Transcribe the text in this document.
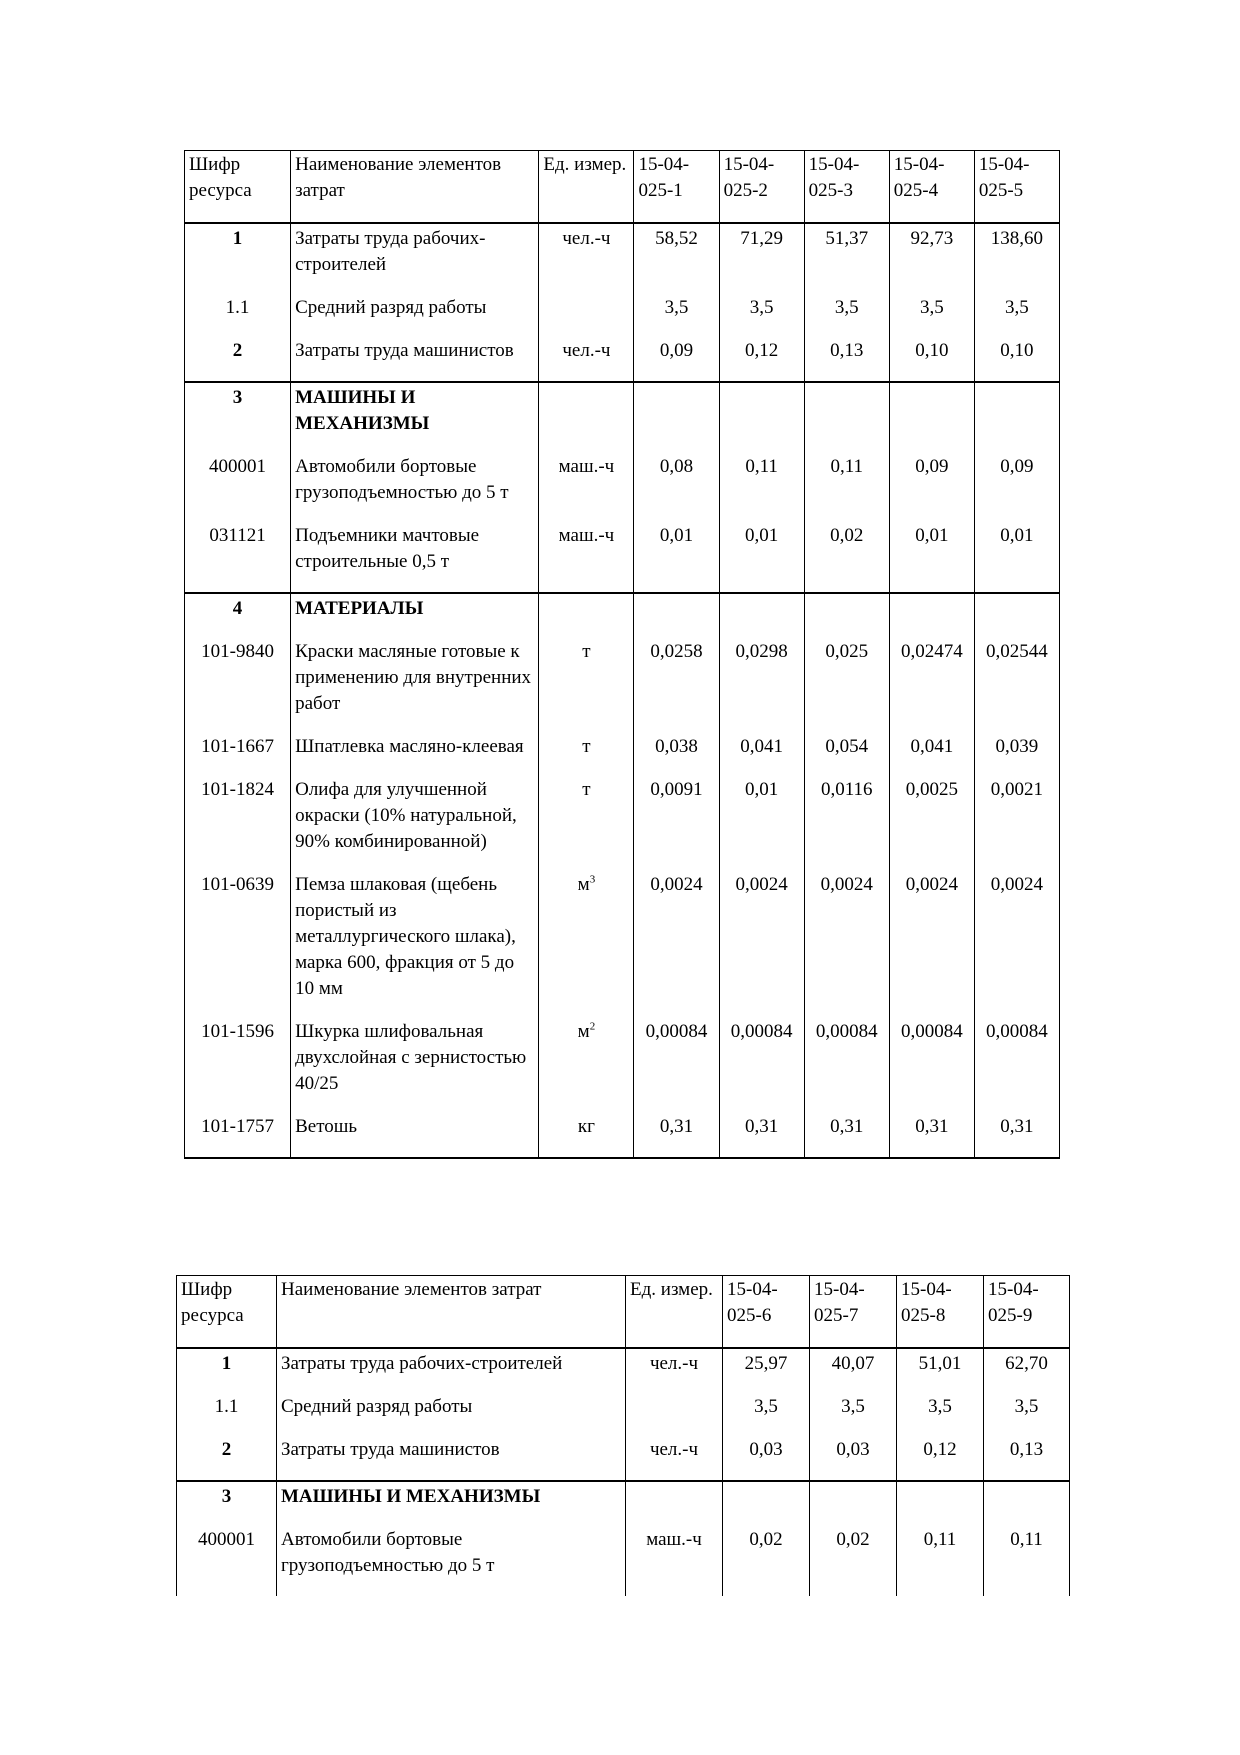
Шифр ресурса	Наименование элементов затрат	Ед. измер.	15-04-025-1	15-04-025-2	15-04-025-3	15-04-025-4	15-04-025-5
1	Затраты труда рабочих-строителей	чел.-ч	58,52	71,29	51,37	92,73	138,60
1.1	Средний разряд работы		3,5	3,5	3,5	3,5	3,5
2	Затраты труда машинистов	чел.-ч	0,09	0,12	0,13	0,10	0,10
3	МАШИНЫ И МЕХАНИЗМЫ						
400001	Автомобили бортовые грузоподъемностью до 5 т	маш.-ч	0,08	0,11	0,11	0,09	0,09
031121	Подъемники мачтовые строительные 0,5 т	маш.-ч	0,01	0,01	0,02	0,01	0,01
4	МАТЕРИАЛЫ						
101-9840	Краски масляные готовые к применению для внутренних работ	т	0,0258	0,0298	0,025	0,02474	0,02544
101-1667	Шпатлевка масляно-клеевая	т	0,038	0,041	0,054	0,041	0,039
101-1824	Олифа для улучшенной окраски (10% натуральной, 90% комбинированной)	т	0,0091	0,01	0,0116	0,0025	0,0021
101-0639	Пемза шлаковая (щебень пористый из металлургического шлака), марка 600, фракция от 5 до 10 мм	$м^3$	0,0024	0,0024	0,0024	0,0024	0,0024
101-1596	Шкурка шлифовальная двухслойная с зернистостью 40/25	$м^2$	0,00084	0,00084	0,00084	0,00084	0,00084
101-1757	Ветошь	кг	0,31	0,31	0,31	0,31	0,31
Шифр ресурса	Наименование элементов затрат	Ед. измер.	15-04-025-6	15-04-025-7	15-04-025-8	15-04-025-9
1	Затраты труда рабочих-строителей	чел.-ч	25,97	40,07	51,01	62,70
1.1	Средний разряд работы		3,5	3,5	3,5	3,5
2	Затраты труда машинистов	чел.-ч	0,03	0,03	0,12	0,13
3	МАШИНЫ И МЕХАНИЗМЫ					
400001	Автомобили бортовые грузоподъемностью до 5 т	маш.-ч	0,02	0,02	0,11	0,11
